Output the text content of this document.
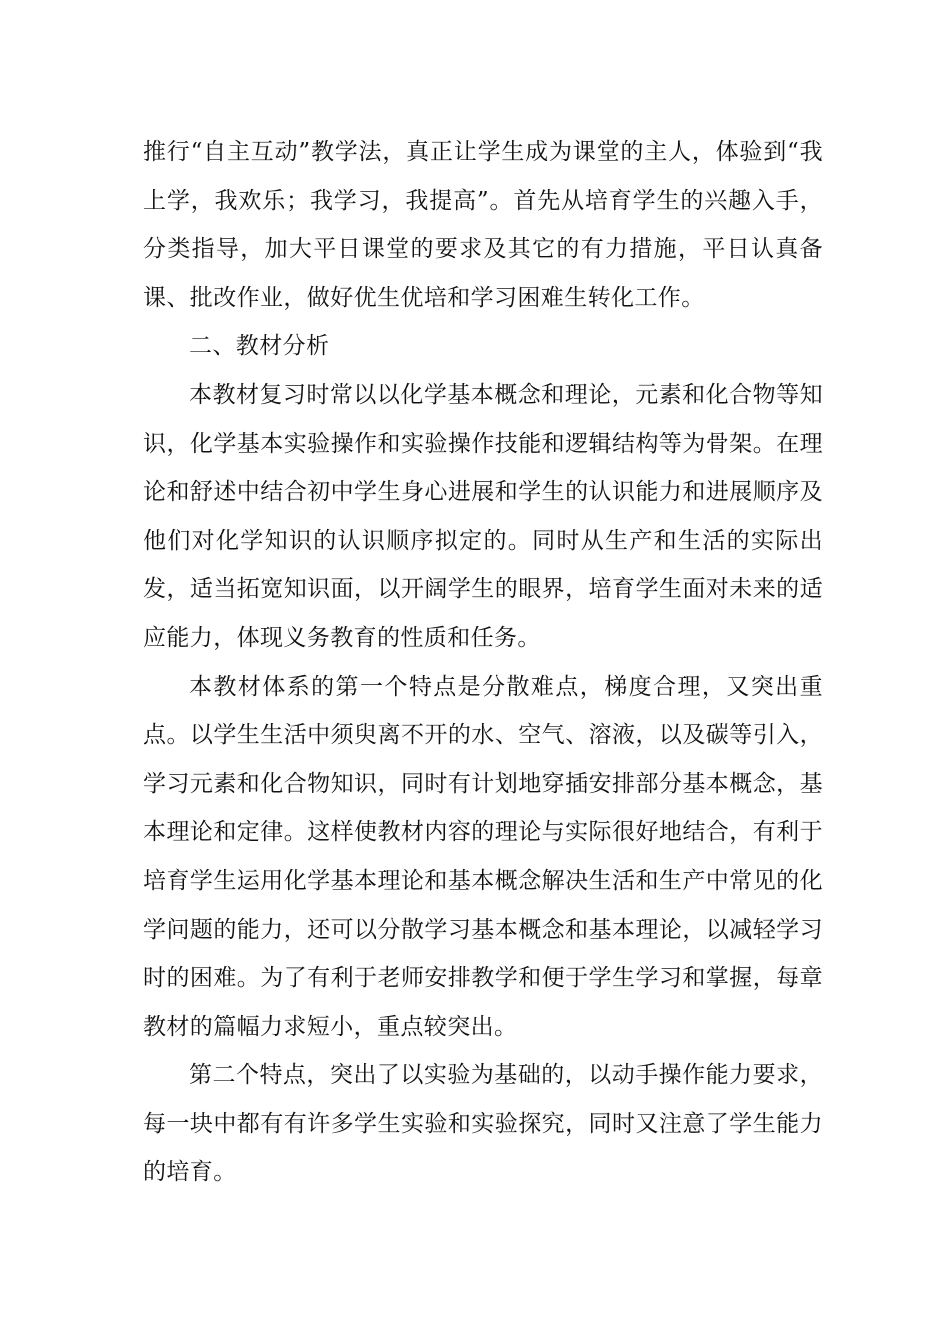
推行“自主互动”教学法，真正让学生成为课堂的主人，体验到“我上学，我欢乐；我学习，我提高”。首先从培育学生的兴趣入手，分类指导，加大平日课堂的要求及其它的有力措施，平日认真备课、批改作业，做好优生优培和学习困难生转化工作。

二、教材分析

本教材复习时常以以化学基本概念和理论，元素和化合物等知识，化学基本实验操作和实验操作技能和逻辑结构等为骨架。在理论和舒述中结合初中学生身心进展和学生的认识能力和进展顺序及他们对化学知识的认识顺序拟定的。同时从生产和生活的实际出发，适当拓宽知识面，以开阔学生的眼界，培育学生面对未来的适应能力，体现义务教育的性质和任务。

本教材体系的第一个特点是分散难点，梯度合理，又突出重点。以学生生活中须臾离不开的水、空气、溶液，以及碳等引入，学习元素和化合物知识，同时有计划地穿插安排部分基本概念，基本理论和定律。这样使教材内容的理论与实际很好地结合，有利于培育学生运用化学基本理论和基本概念解决生活和生产中常见的化学问题的能力，还可以分散学习基本概念和基本理论，以减轻学习时的困难。为了有利于老师安排教学和便于学生学习和掌握，每章教材的篇幅力求短小，重点较突出。

第二个特点，突出了以实验为基础的，以动手操作能力要求，每一块中都有有许多学生实验和实验探究，同时又注意了学生能力的培育。
